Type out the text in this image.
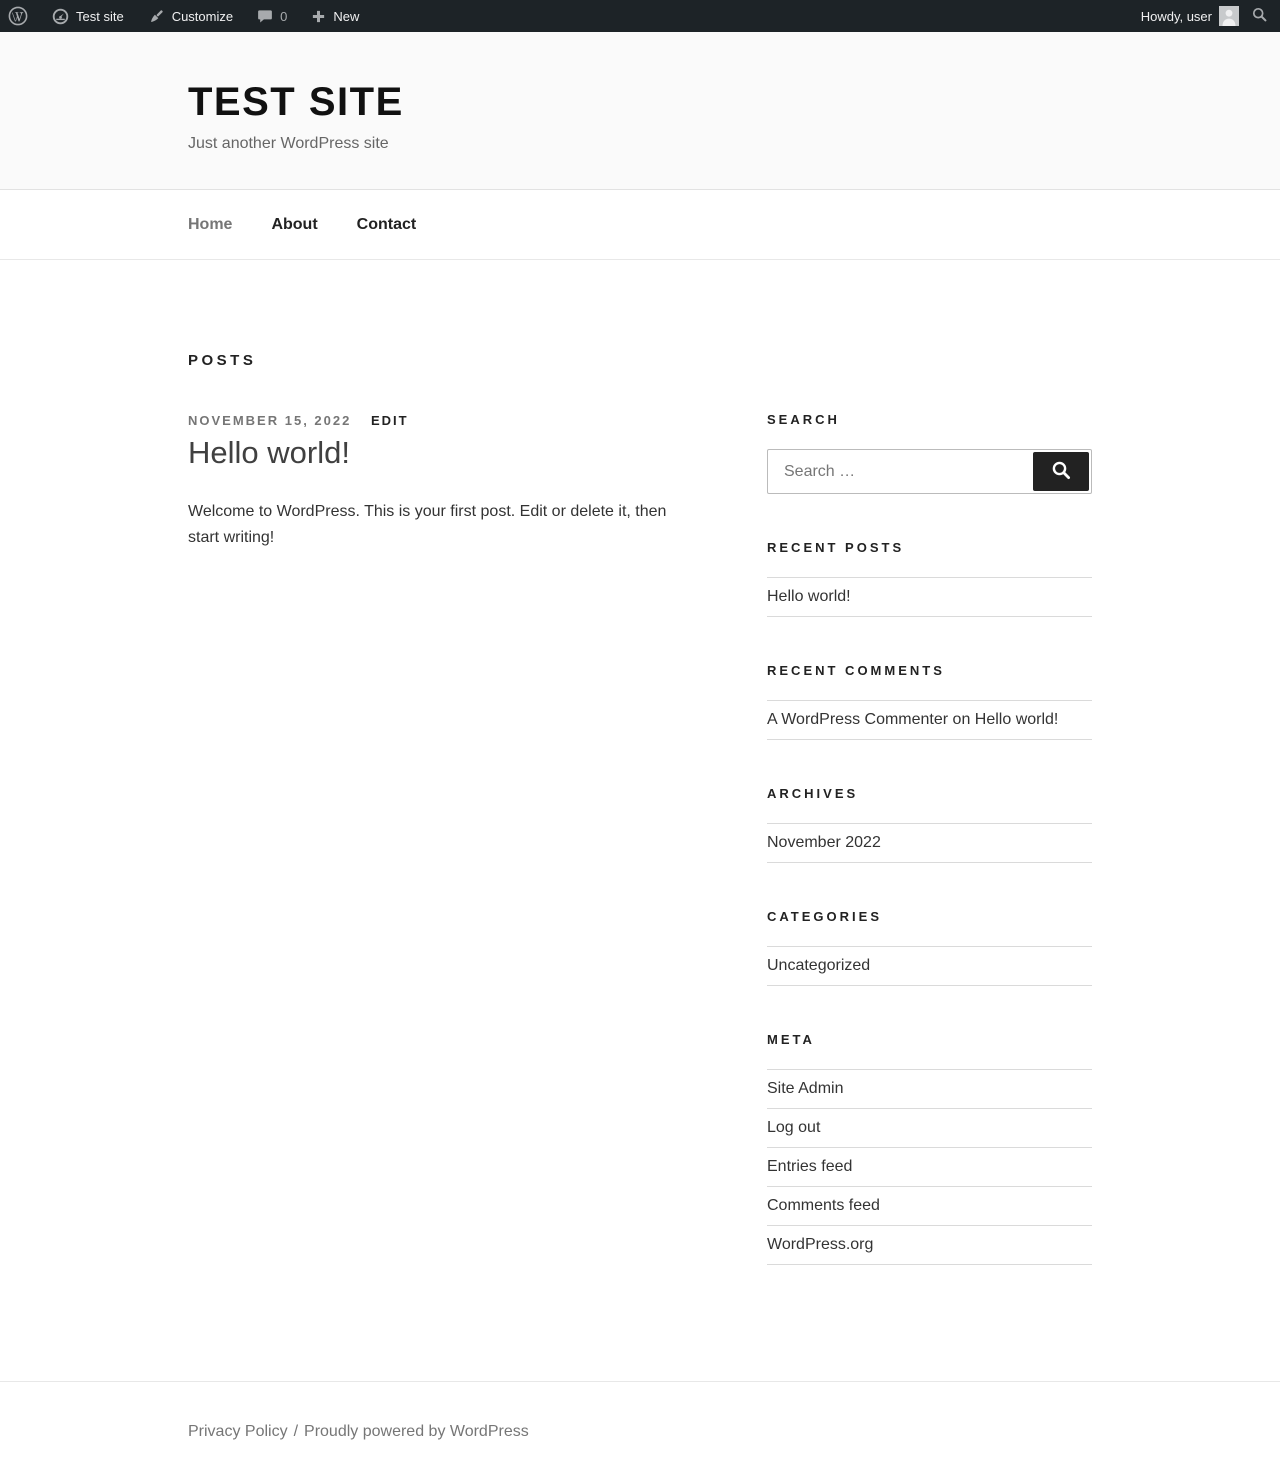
Test site	Customize	0	New	Howdy, user
TEST SITE

Just another WordPress site

Home About Contact
POSTS
NOVEMBER 15, 2022 EDIT
Hello world!

Welcome to WordPress. This is your first post. Edit or delete it, then start writing!

SEARCH
Search …
RECENT POSTS
Hello world!
RECENT COMMENTS
A WordPress Commenter on Hello world!
ARCHIVES
November 2022
CATEGORIES
Uncategorized
META
Site Admin
Log out
Entries feed
Comments feed
WordPress.org
Privacy Policy / Proudly powered by WordPress
